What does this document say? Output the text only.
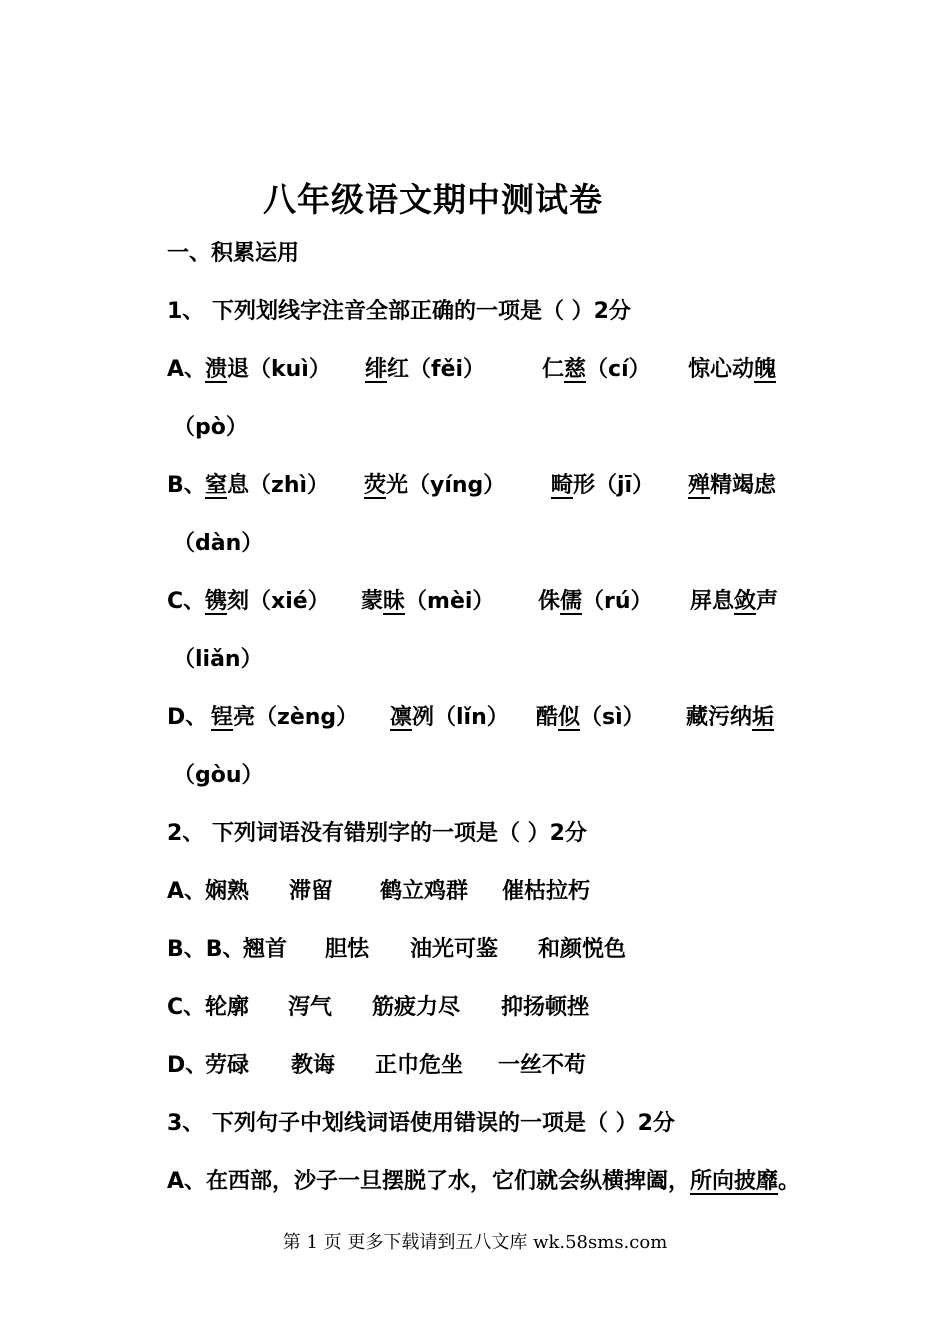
八年级语文期中测试卷
一、积累运用
1、 下列划线字注音全部正确的一项是（ ）2分
A、
溃退（kuì） 绯红（fěi）	仁慈（cí） 惊心动魄
（pò）
B、 窒息（zhì） 荧光（yíng） 畸形（jī） 殚精竭虑
（dàn）
C、 镌刻（xié） 蒙昧（mèi） 侏儒（rú） 屏息敛声
（liǎn）
D、 锃亮（zèng） 凛冽（lǐn） 酷似（sì） 藏污纳垢
（gòu）
2、 下列词语没有错别字的一项是（ ）2分
A、
娴熟 滞留 鹤立鸡群 催枯拉朽
B、B、
翘首 胆怯 油光可鉴 和颜悦色
C、 轮廓 泻气 筋疲力尽 抑扬顿挫
D、
劳碌 教诲 正巾危坐 一丝不苟
3、 下列句子中划线词语使用错误的一项是（ ）2分
A、在西部，沙子一旦摆脱了水，它们就会纵横捭阖，所向披靡。
第 1 页 更多下载请到五八文库 wk.58sms.com
